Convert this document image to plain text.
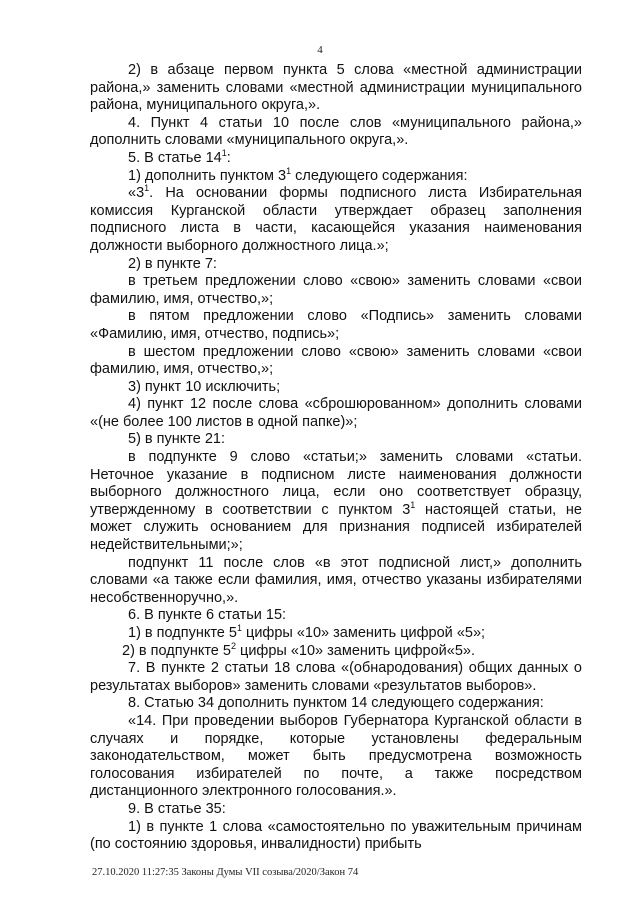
4

2) в абзаце первом пункта 5 слова «местной администрации района,» заменить словами «местной администрации муниципального района, муниципального округа,».

4. Пункт 4 статьи 10 после слов «муниципального района,» дополнить словами «муниципального округа,».

5. В статье $14^1$:

1) дополнить пунктом $3^1$ следующего содержания:

«$3^1$. На основании формы подписного листа Избирательная комиссия Курганской области утверждает образец заполнения подписного листа в части, касающейся указания наименования должности выборного должностного лица.»;

2) в пункте 7:

в третьем предложении слово «свою» заменить словами «свои фамилию, имя, отчество,»;

в пятом предложении слово «Подпись» заменить словами «Фамилию, имя, отчество, подпись»;

в шестом предложении слово «свою» заменить словами «свои фамилию, имя, отчество,»;

3) пункт 10 исключить;

4) пункт 12 после слова «сброшюрованном» дополнить словами «(не более 100 листов в одной папке)»;

5) в пункте 21:

в подпункте 9 слово «статьи;» заменить словами «статьи. Неточное указание в подписном листе наименования должности выборного должностного лица, если оно соответствует образцу, утвержденному в соответствии с пунктом $3^1$ настоящей статьи, не может служить основанием для признания подписей избирателей недействительными;»;

подпункт 11 после слов «в этот подписной лист,» дополнить словами «а также если фамилия, имя, отчество указаны избирателями несобственноручно,».

6. В пункте 6 статьи 15:

1) в подпункте $5^1$ цифры «10» заменить цифрой «5»;

2) в подпункте $5^2$ цифры «10» заменить цифрой«5».

7. В пункте 2 статьи 18 слова «(обнародования) общих данных о результатах выборов» заменить словами «результатов выборов».

8. Статью 34 дополнить пунктом 14 следующего содержания:

«14. При проведении выборов Губернатора Курганской области в случаях и порядке, которые установлены федеральным законодательством, может быть предусмотрена возможность голосования избирателей по почте, а также посредством дистанционного электронного голосования.».

9. В статье 35:

1) в пункте 1 слова «самостоятельно по уважительным причинам (по состоянию здоровья, инвалидности) прибыть

27.10.2020 11:27:35 Законы Думы VII созыва/2020/Закон 74
